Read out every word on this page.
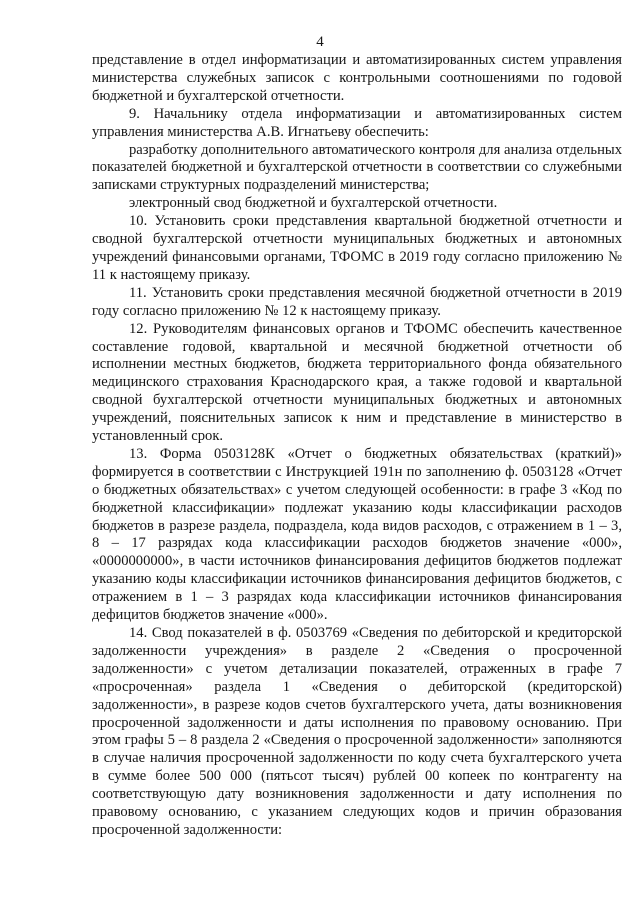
4

представление в отдел информатизации и автоматизированных систем управления министерства служебных записок с контрольными соотношениями по годовой бюджетной и бухгалтерской отчетности.

9. Начальнику отдела информатизации и автоматизированных систем управления министерства А.В. Игнатьеву обеспечить:

разработку дополнительного автоматического контроля для анализа отдельных показателей бюджетной и бухгалтерской отчетности в соответствии со служебными записками структурных подразделений министерства;

электронный свод бюджетной и бухгалтерской отчетности.

10. Установить сроки представления квартальной бюджетной отчетности и сводной бухгалтерской отчетности муниципальных бюджетных и автономных учреждений финансовыми органами, ТФОМС в 2019 году согласно приложению № 11 к настоящему приказу.

11. Установить сроки представления месячной бюджетной отчетности в 2019 году согласно приложению № 12 к настоящему приказу.

12. Руководителям финансовых органов и ТФОМС обеспечить качественное составление годовой, квартальной и месячной бюджетной отчетности об исполнении местных бюджетов, бюджета территориального фонда обязательного медицинского страхования Краснодарского края, а также годовой и квартальной сводной бухгалтерской отчетности муниципальных бюджетных и автономных учреждений, пояснительных записок к ним и представление в министерство в установленный срок.

13. Форма 0503128К «Отчет о бюджетных обязательствах (краткий)» формируется в соответствии с Инструкцией 191н по заполнению ф. 0503128 «Отчет о бюджетных обязательствах» с учетом следующей особенности: в графе 3 «Код по бюджетной классификации» подлежат указанию коды классификации расходов бюджетов в разрезе раздела, подраздела, кода видов расходов, с отражением в 1 – 3, 8 – 17 разрядах кода классификации расходов бюджетов значение «000», «0000000000», в части источников финансирования дефицитов бюджетов подлежат указанию коды классификации источников финансирования дефицитов бюджетов, с отражением в 1 – 3 разрядах кода классификации источников финансирования дефицитов бюджетов значение «000».

14. Свод показателей в ф. 0503769 «Сведения по дебиторской и кредиторской задолженности учреждения» в разделе 2 «Сведения о просроченной задолженности» с учетом детализации показателей, отраженных в графе 7 «просроченная» раздела 1 «Сведения о дебиторской (кредиторской) задолженности», в разрезе кодов счетов бухгалтерского учета, даты возникновения просроченной задолженности и даты исполнения по правовому основанию. При этом графы 5 – 8 раздела 2 «Сведения о просроченной задолженности» заполняются в случае наличия просроченной задолженности по коду счета бухгалтерского учета в сумме более 500 000 (пятьсот тысяч) рублей 00 копеек по контрагенту на соответствующую дату возникновения задолженности и дату исполнения по правовому основанию, с указанием следующих кодов и причин образования просроченной задолженности:
